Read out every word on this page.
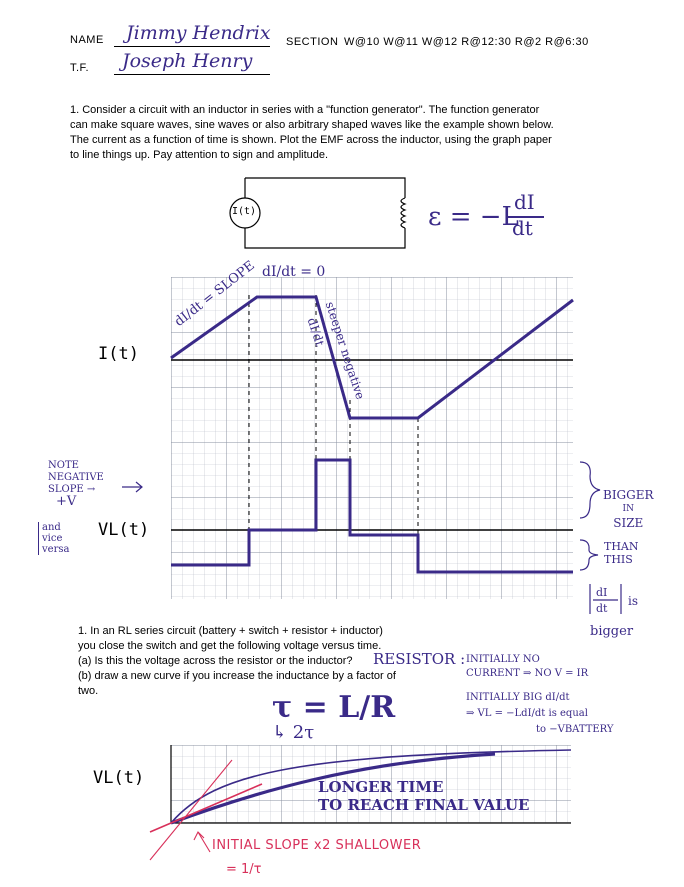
NAME Jimmy Hendrix SECTION W@10 W@11 W@12 R@12:30 R@2 R@6:30
T.F. Joseph Henry

1. Consider a circuit with an inductor in series with a "function generator". The function generator

can make square waves, sine waves or also arbitrary shaped waves like the example shown below.

The current as a function of time is shown. Plot the EMF across the inductor, using the graph paper

to line things up. Pay attention to sign and amplitude.

I(t)	ε = −L
dI
dt
I(t)
VL(t)
dI/dt = 0
dI/dt = SLOPE
steeper negative
dI/dt
NOTE
NEGATIVE
SLOPE →
+V
and
vice
versa
BIGGER
IN
SIZE
THAN
THIS
dI
dt
is
bigger

1. In an RL series circuit (battery + switch + resistor + inductor)

you close the switch and get the following voltage versus time.

(a) Is this the voltage across the resistor or the inductor?

(b) draw a new curve if you increase the inductance by a factor of two.

RESISTOR : INITIALLY NO
CURRENT ⇒ NO V = IR
INITIALLY BIG dI/dt
⇒ VL = −LdI/dt is equal
to −VBATTERY
τ = L/R
↳ 2τ
VL(t)	LONGER TIME
TO REACH FINAL VALUE
INITIAL SLOPE x2 SHALLOWER
= 1/τ
